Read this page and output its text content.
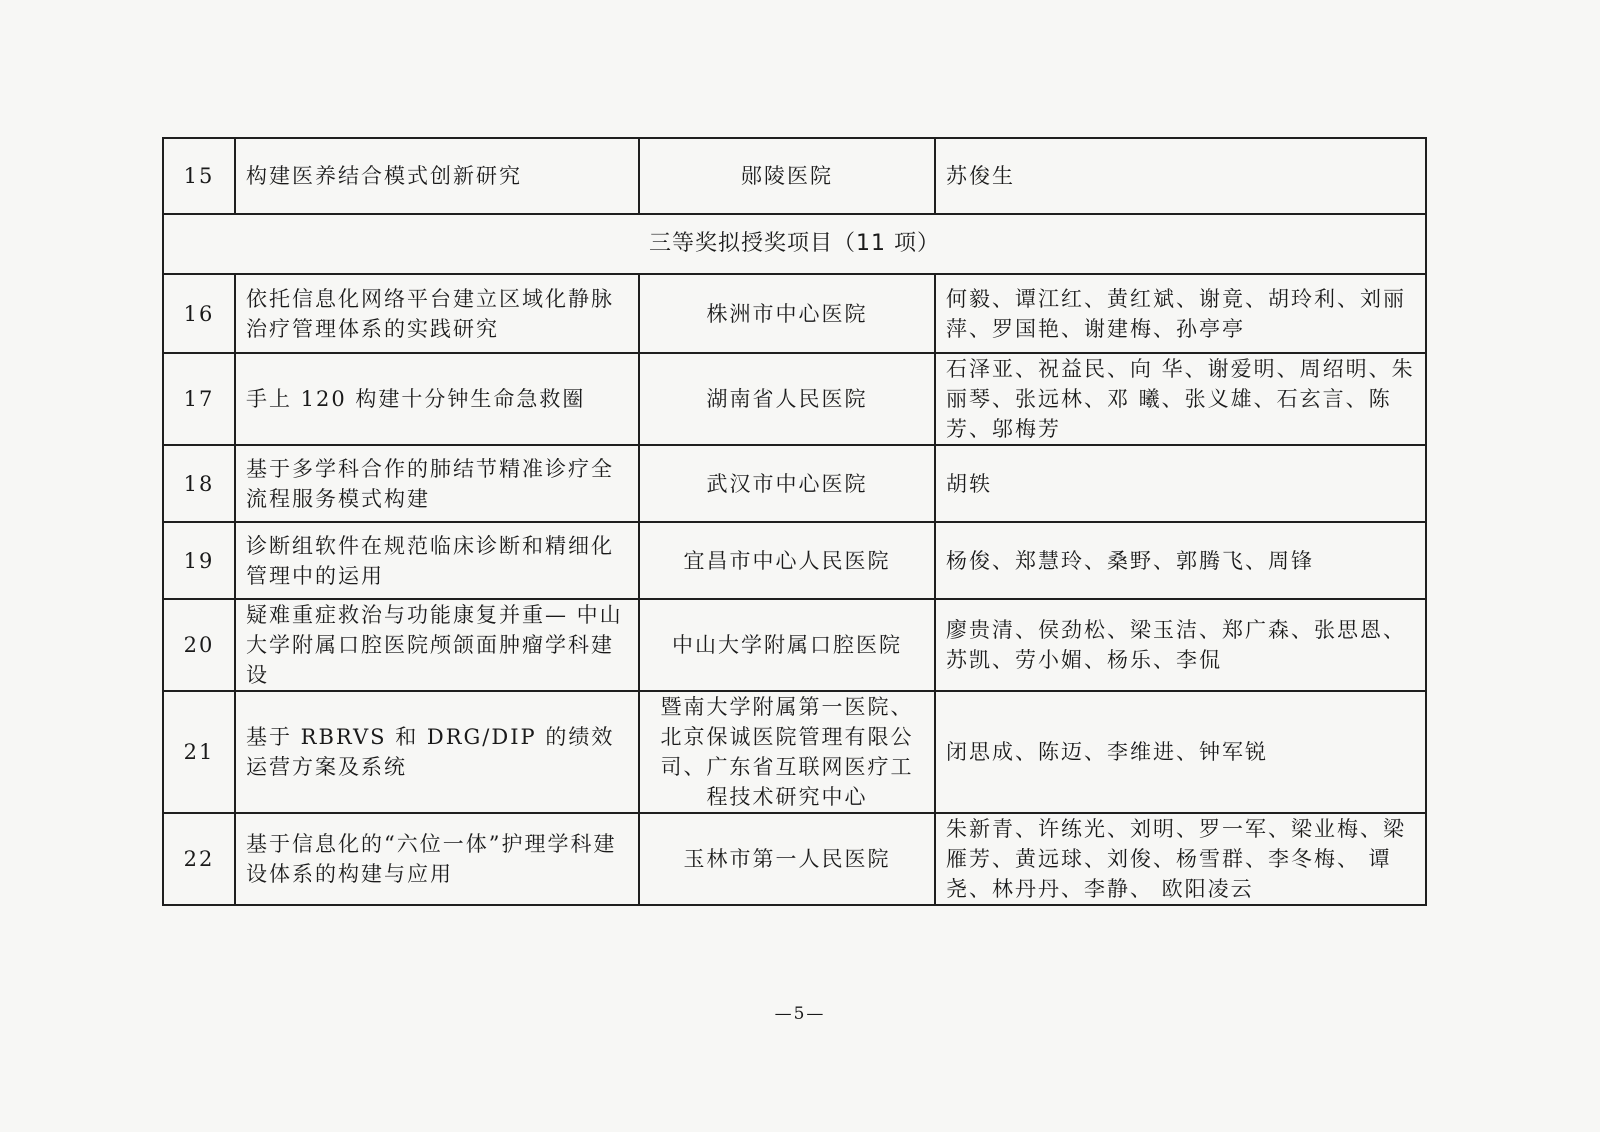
15	构建医养结合模式创新研究	郧陵医院	苏俊生
三等奖拟授奖项目（11 项）			
16	依托信息化网络平台建立区域化静脉治疗管理体系的实践研究	株洲市中心医院	何毅、谭江红、黄红斌、谢竟、胡玲利、刘丽萍、罗国艳、谢建梅、孙亭亭
17	手上 120 构建十分钟生命急救圈	湖南省人民医院	石泽亚、祝益民、向 华、谢爱明、周绍明、朱丽琴、张远林、邓 曦、张义雄、石玄言、陈 芳、邬梅芳
18	基于多学科合作的肺结节精准诊疗全流程服务模式构建	武汉市中心医院	胡轶
19	诊断组软件在规范临床诊断和精细化管理中的运用	宜昌市中心人民医院	杨俊、郑慧玲、桑野、郭腾飞、周锋
20	疑难重症救治与功能康复并重— 中山大学附属口腔医院颅颌面肿瘤学科建设	中山大学附属口腔医院	廖贵清、侯劲松、梁玉洁、郑广森、张思恩、苏凯、劳小媚、杨乐、李侃
21	基于 RBRVS 和 DRG/DIP 的绩效运营方案及系统	暨南大学附属第一医院、北京保诚医院管理有限公司、广东省互联网医疗工程技术研究中心	闭思成、陈迈、李维进、钟军锐
22	基于信息化的“六位一体”护理学科建设体系的构建与应用	玉林市第一人民医院	朱新青、许练光、刘明、罗一军、梁业梅、梁雁芳、黄远球、刘俊、杨雪群、李冬梅、 谭尧、林丹丹、李静、 欧阳凌云
—5—
